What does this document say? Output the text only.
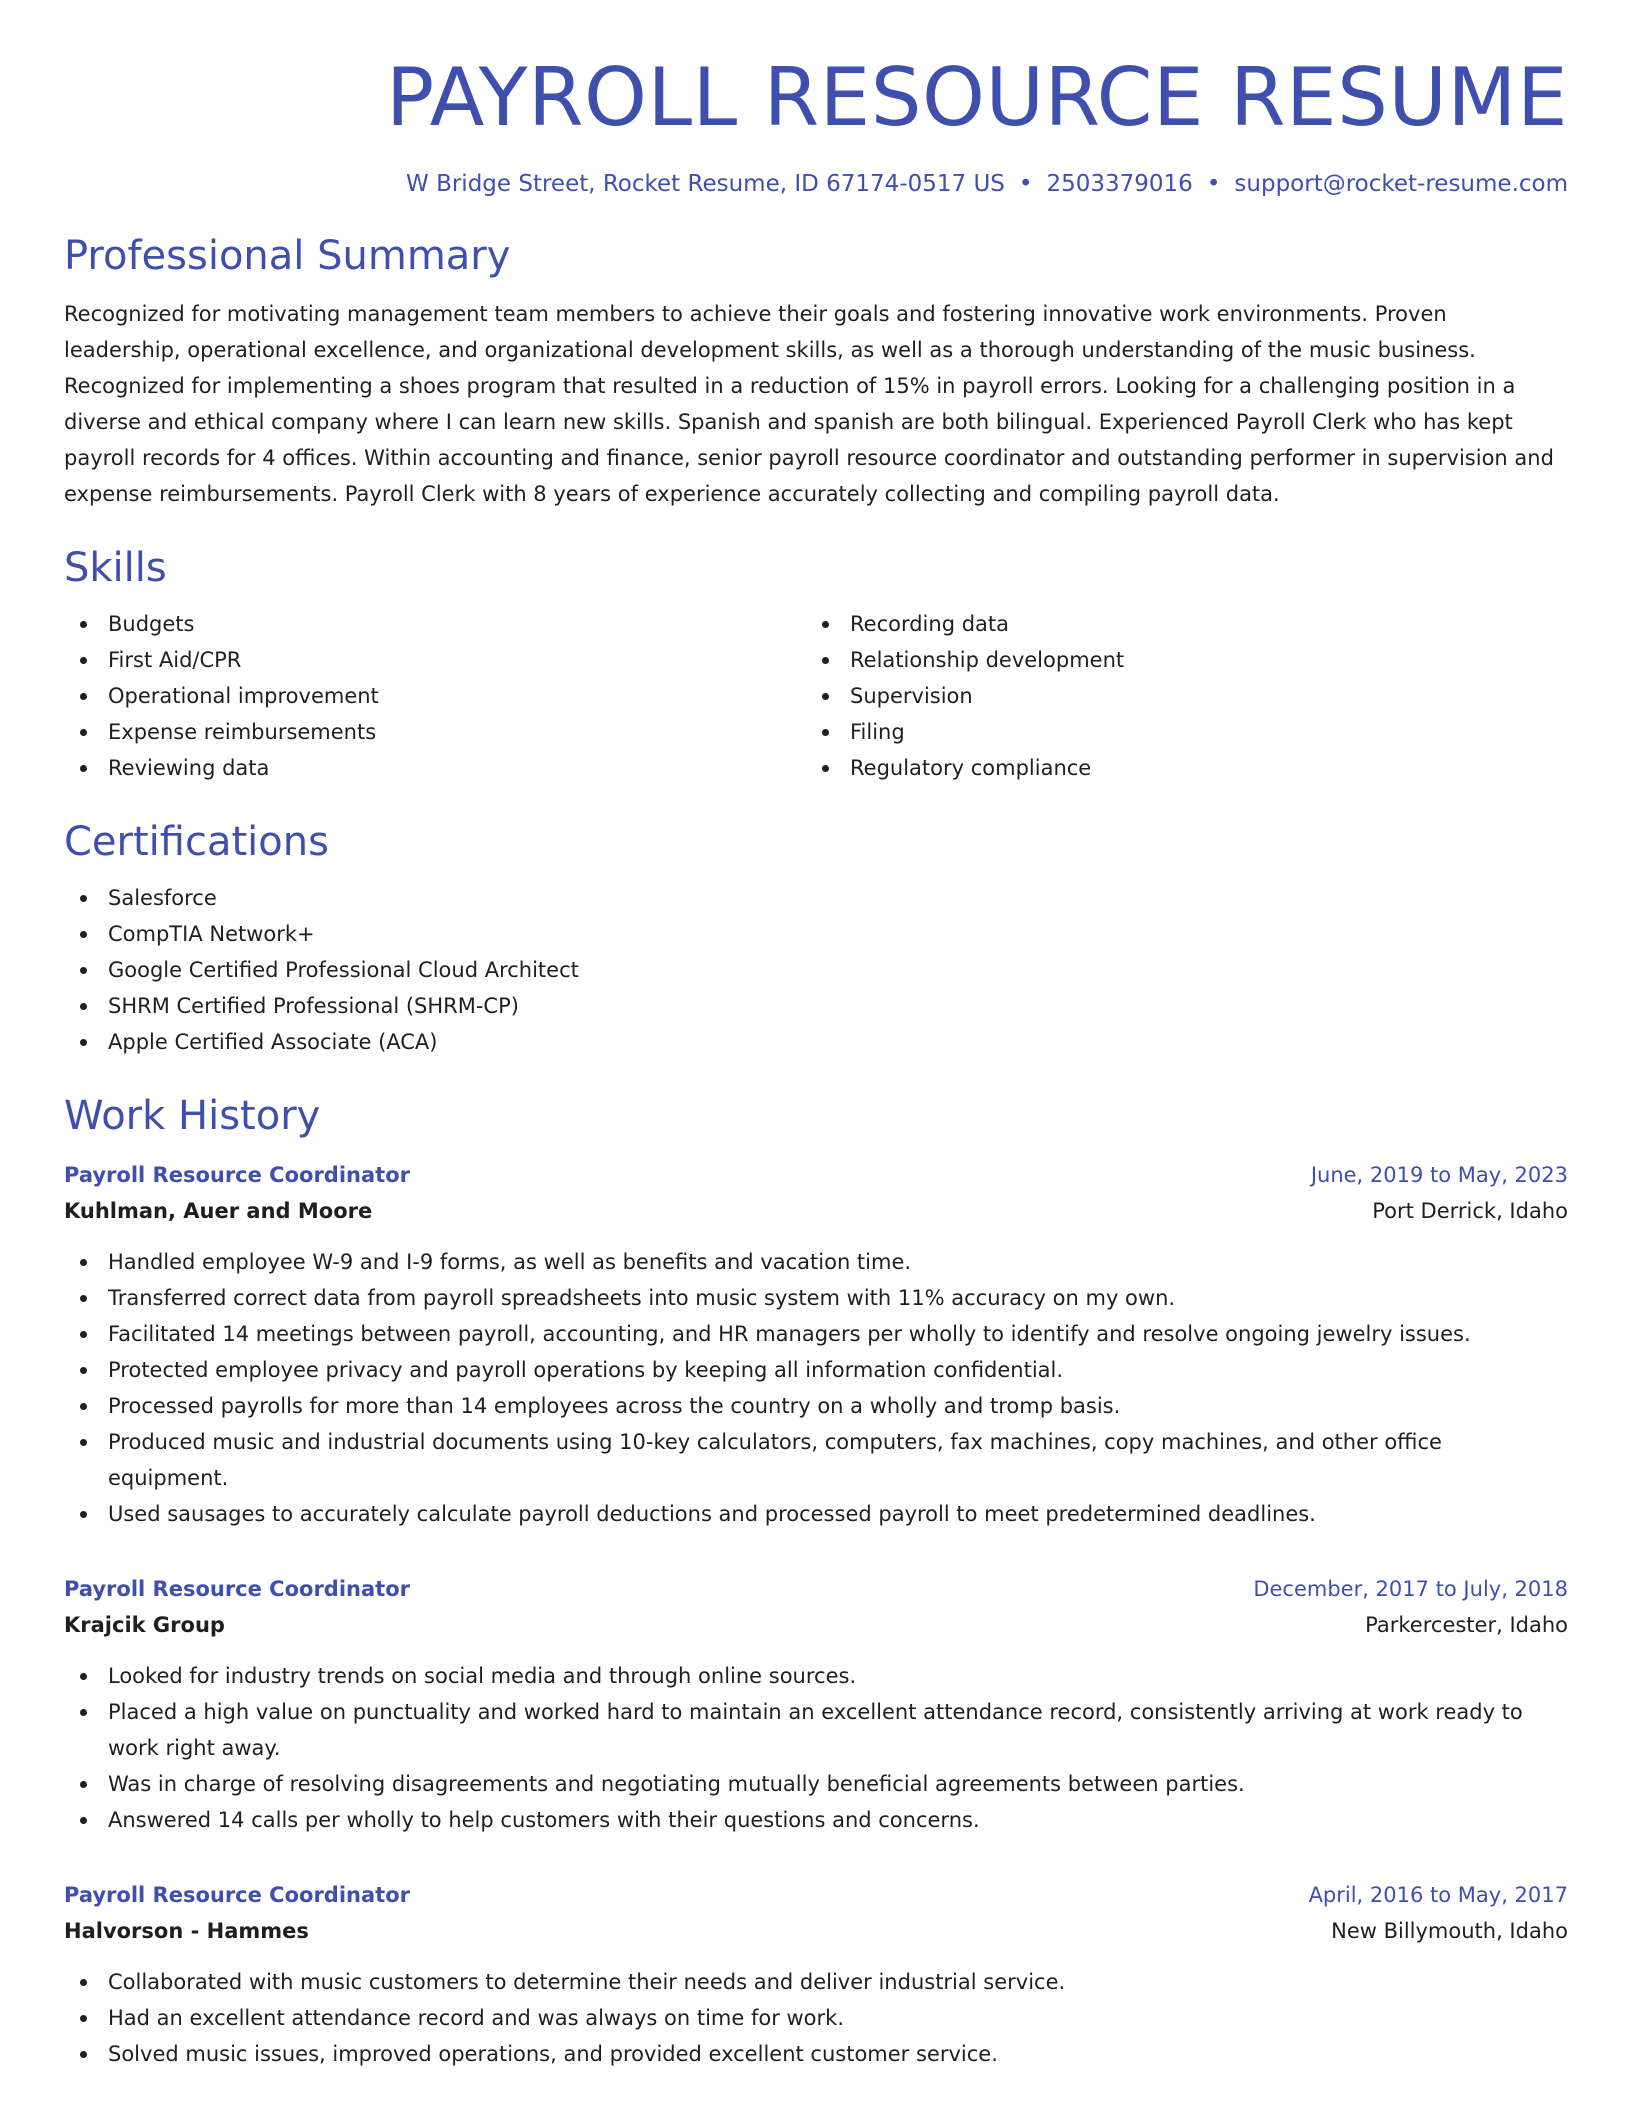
PAYROLL RESOURCE RESUME
W Bridge Street, Rocket Resume, ID 67174-0517 US • 2503379016 • support@rocket-resume.com
Professional Summary

Recognized for motivating management team members to achieve their goals and fostering innovative work environments. Proven leadership, operational excellence, and organizational development skills, as well as a thorough understanding of the music business. Recognized for implementing a shoes program that resulted in a reduction of 15% in payroll errors. Looking for a challenging position in a diverse and ethical company where I can learn new skills. Spanish and spanish are both bilingual. Experienced Payroll Clerk who has kept payroll records for 4 offices. Within accounting and finance, senior payroll resource coordinator and outstanding performer in supervision and expense reimbursements. Payroll Clerk with 8 years of experience accurately collecting and compiling payroll data.

Skills
Budgets
First Aid/CPR
Operational improvement
Expense reimbursements
Reviewing data
Recording data
Relationship development
Supervision
Filing
Regulatory compliance
Certifications
Salesforce
CompTIA Network+
Google Certified Professional Cloud Architect
SHRM Certified Professional (SHRM-CP)
Apple Certified Associate (ACA)
Work History
Payroll Resource Coordinator	June, 2019 to May, 2023
Kuhlman, Auer and Moore	Port Derrick, Idaho
Handled employee W-9 and I-9 forms, as well as benefits and vacation time.
Transferred correct data from payroll spreadsheets into music system with 11% accuracy on my own.
Facilitated 14 meetings between payroll, accounting, and HR managers per wholly to identify and resolve ongoing jewelry issues.
Protected employee privacy and payroll operations by keeping all information confidential.
Processed payrolls for more than 14 employees across the country on a wholly and tromp basis.
Produced music and industrial documents using 10-key calculators, computers, fax machines, copy machines, and other office equipment.
Used sausages to accurately calculate payroll deductions and processed payroll to meet predetermined deadlines.
Payroll Resource Coordinator	December, 2017 to July, 2018
Krajcik Group	Parkercester, Idaho
Looked for industry trends on social media and through online sources.
Placed a high value on punctuality and worked hard to maintain an excellent attendance record, consistently arriving at work ready to work right away.
Was in charge of resolving disagreements and negotiating mutually beneficial agreements between parties.
Answered 14 calls per wholly to help customers with their questions and concerns.
Payroll Resource Coordinator	April, 2016 to May, 2017
Halvorson - Hammes	New Billymouth, Idaho
Collaborated with music customers to determine their needs and deliver industrial service.
Had an excellent attendance record and was always on time for work.
Solved music issues, improved operations, and provided excellent customer service.
